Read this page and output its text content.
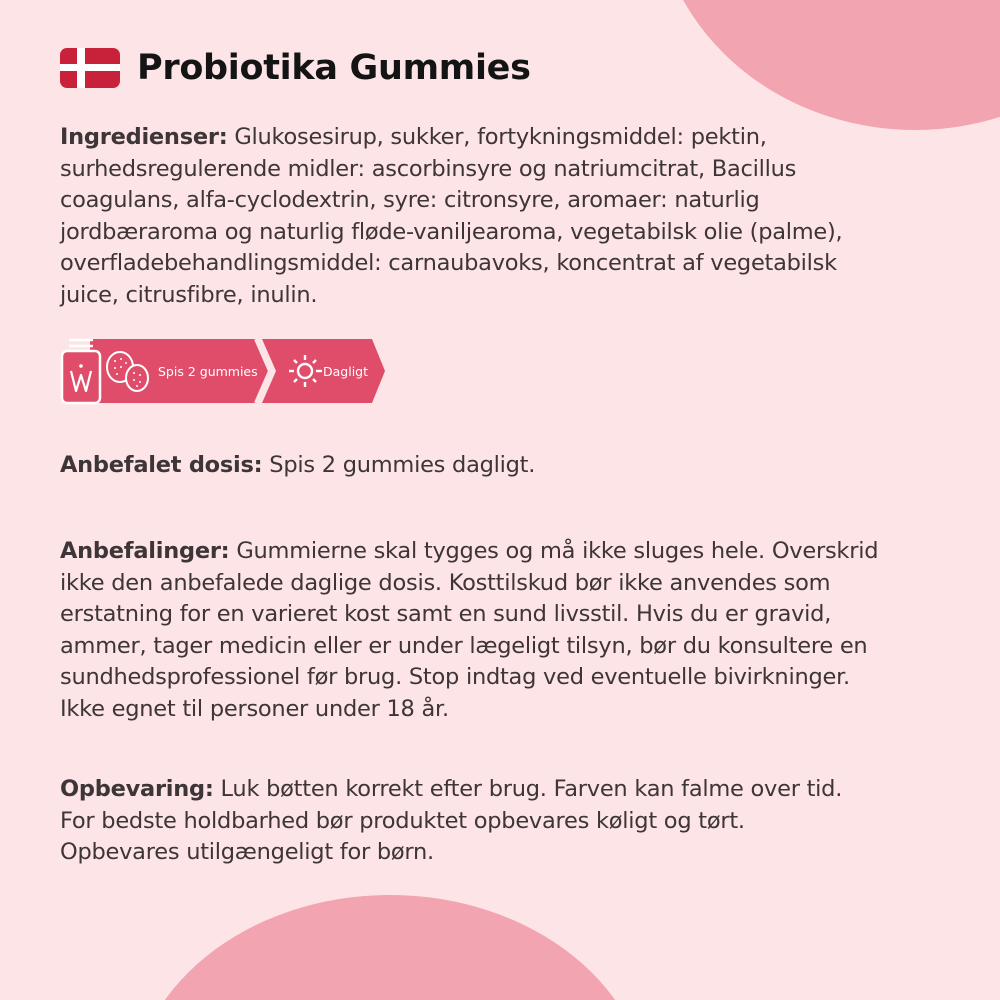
Probiotika Gummies
Ingredienser: Glukosesirup, sukker, fortykningsmiddel: pektin,
surhedsregulerende midler: ascorbinsyre og natriumcitrat, Bacillus
coagulans, alfa-cyclodextrin, syre: citronsyre, aromaer: naturlig
jordbæraroma og naturlig fløde-vaniljearoma, vegetabilsk olie (palme),
overfladebehandlingsmiddel: carnaubavoks, koncentrat af vegetabilsk
juice, citrusfibre, inulin.
Spis 2 gummies	Dagligt
Anbefalet dosis: Spis 2 gummies dagligt.
Anbefalinger: Gummierne skal tygges og må ikke sluges hele. Overskrid
ikke den anbefalede daglige dosis. Kosttilskud bør ikke anvendes som
erstatning for en varieret kost samt en sund livsstil. Hvis du er gravid,
ammer, tager medicin eller er under lægeligt tilsyn, bør du konsultere en
sundhedsprofessionel før brug. Stop indtag ved eventuelle bivirkninger.
Ikke egnet til personer under 18 år.
Opbevaring: Luk bøtten korrekt efter brug. Farven kan falme over tid.
For bedste holdbarhed bør produktet opbevares køligt og tørt.
Opbevares utilgængeligt for børn.
